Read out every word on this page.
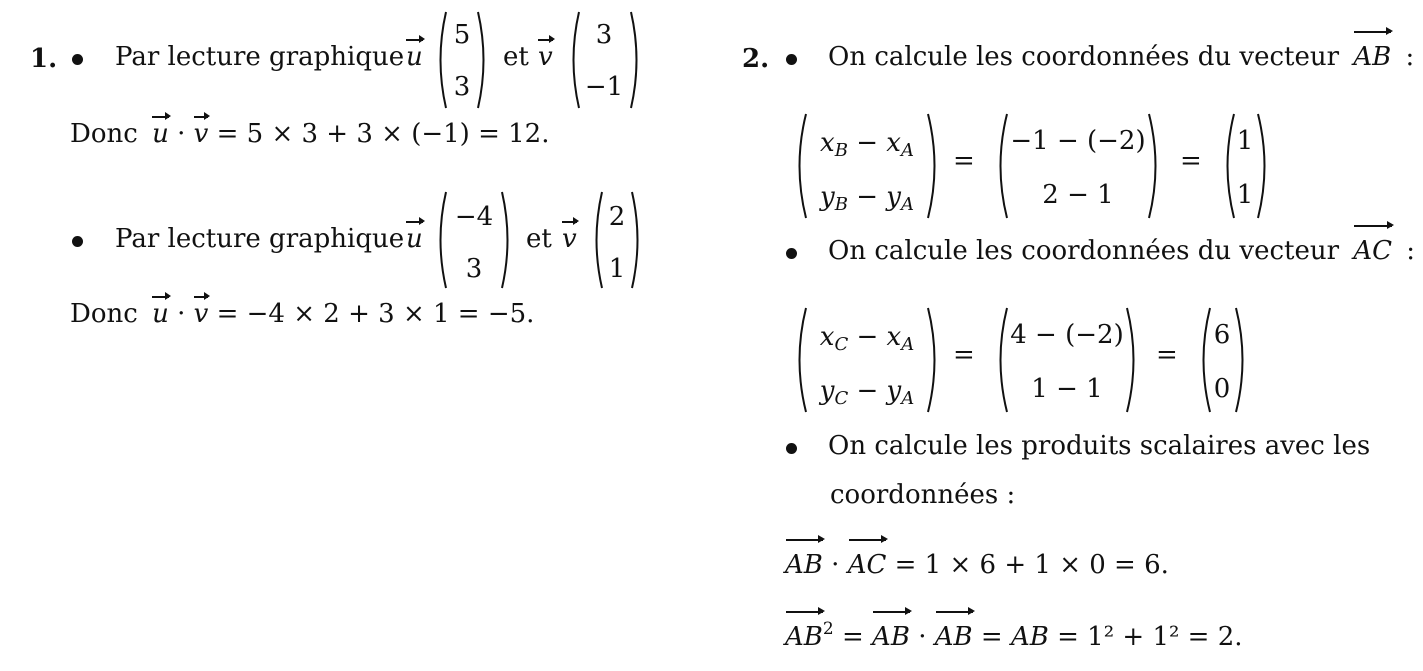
1. Par lecture graphique u
5
3
et v
3
−1
Donc u · v = 5 × 3 + 3 × (−1) = 12.
Par lecture graphique u
−4
3
et v
2
1
Donc u · v = −4 × 2 + 3 × 1 = −5.
2. On calcule les coordonnées du vecteur AB :
$x_B - x_A$
$y_B - y_A$
=
−1 − (−2)
2 − 1
=
1
1
On calcule les coordonnées du vecteur AC :
$x_C - x_A$
$y_C - y_A$
=
4 − (−2)
1 − 1
=
6
0
On calcule les produits scalaires avec les
coordonnées :
AB · AC = 1 × 6 + 1 × 0 = 6.
$AB^2$ = AB · AB = AB = 1² + 1² = 2.
